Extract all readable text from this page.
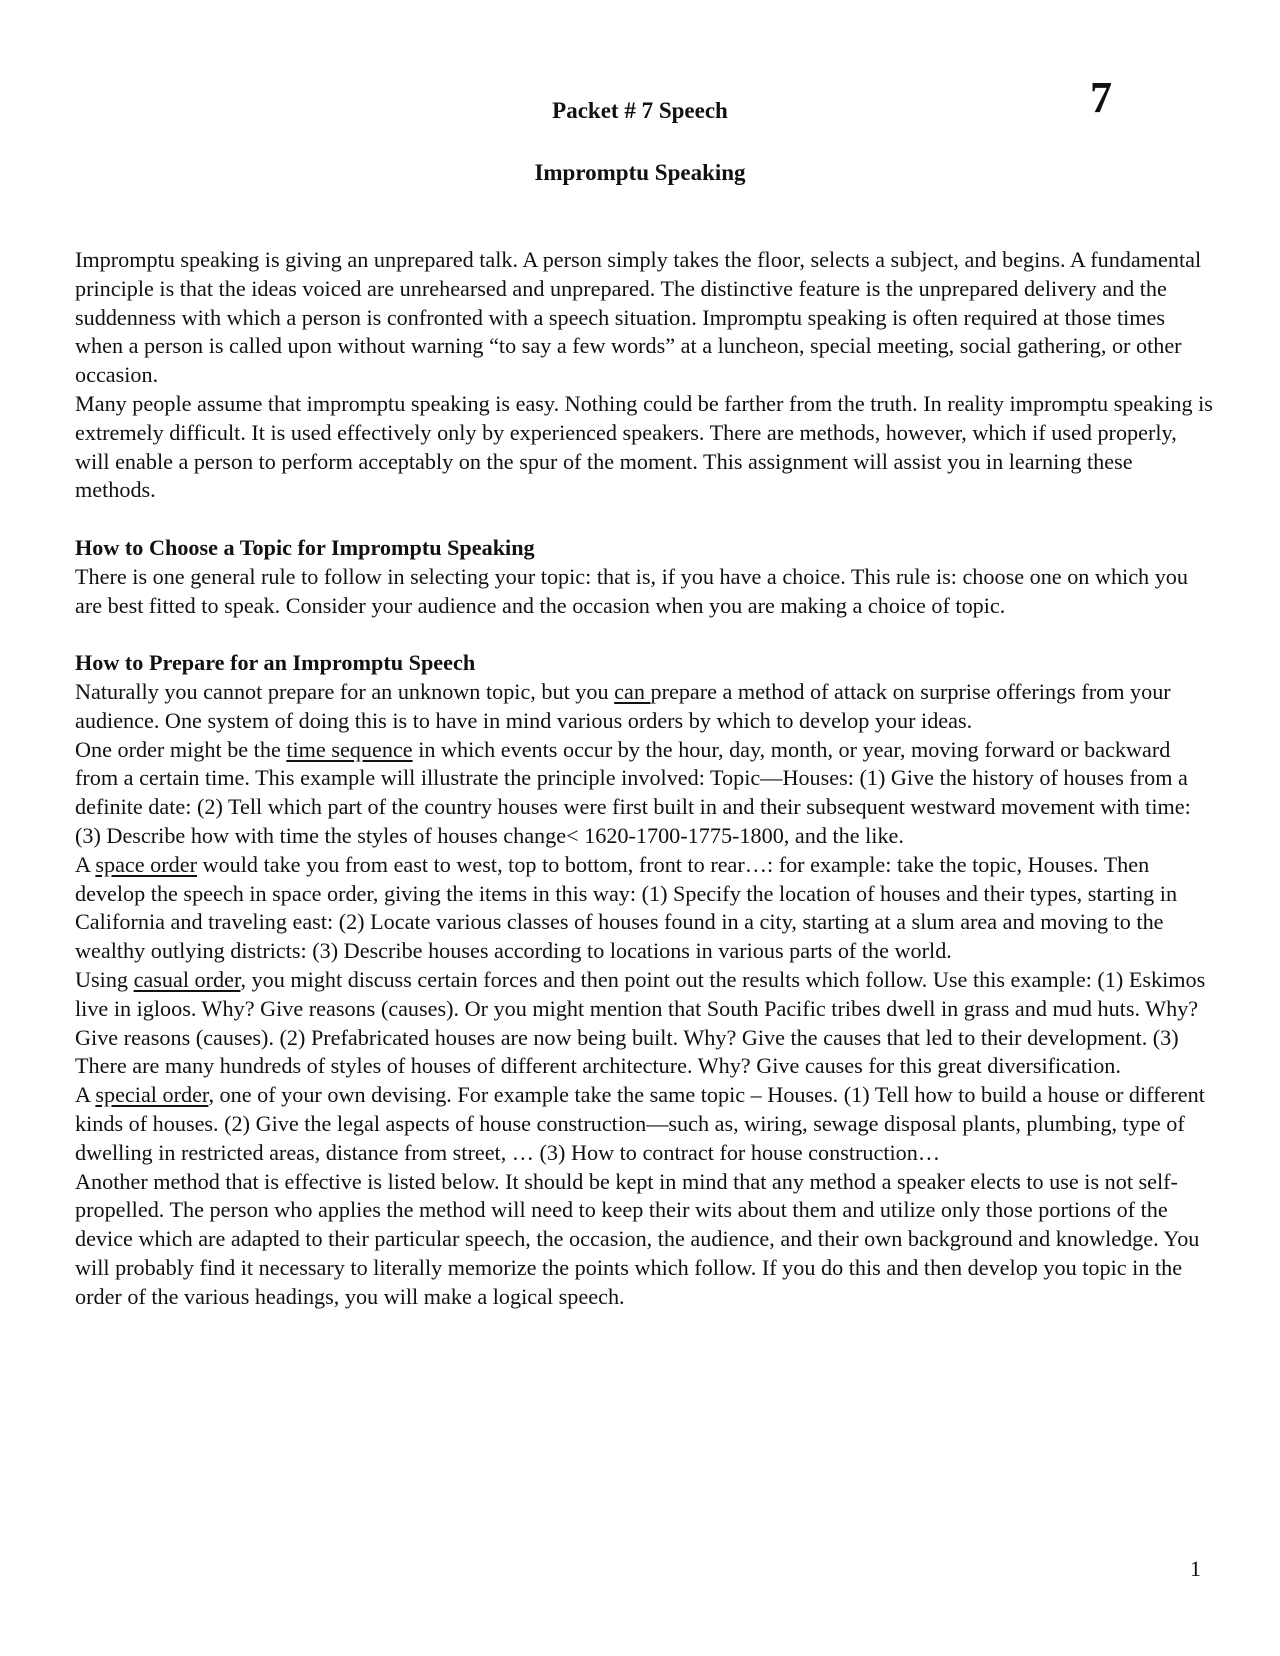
Packet # 7 Speech	7

Impromptu Speaking

Impromptu speaking is giving an unprepared talk. A person simply takes the floor, selects a subject, and begins. A fundamental principle is that the ideas voiced are unrehearsed and unprepared. The distinctive feature is the unprepared delivery and the suddenness with which a person is confronted with a speech situation. Impromptu speaking is often required at those times when a person is called upon without warning “to say a few words” at a luncheon, special meeting, social gathering, or other occasion.

Many people assume that impromptu speaking is easy. Nothing could be farther from the truth. In reality impromptu speaking is extremely difficult. It is used effectively only by experienced speakers. There are methods, however, which if used properly, will enable a person to perform acceptably on the spur of the moment. This assignment will assist you in learning these methods.

How to Choose a Topic for Impromptu Speaking

There is one general rule to follow in selecting your topic: that is, if you have a choice. This rule is: choose one on which you are best fitted to speak. Consider your audience and the occasion when you are making a choice of topic.

How to Prepare for an Impromptu Speech

Naturally you cannot prepare for an unknown topic, but you can prepare a method of attack on surprise offerings from your audience. One system of doing this is to have in mind various orders by which to develop your ideas.

One order might be the time sequence in which events occur by the hour, day, month, or year, moving forward or backward from a certain time. This example will illustrate the principle involved: Topic—Houses: (1) Give the history of houses from a definite date: (2) Tell which part of the country houses were first built in and their subsequent westward movement with time: (3) Describe how with time the styles of houses change< 1620-1700-1775-1800, and the like.

A space order would take you from east to west, top to bottom, front to rear…: for example: take the topic, Houses. Then develop the speech in space order, giving the items in this way: (1) Specify the location of houses and their types, starting in California and traveling east: (2) Locate various classes of houses found in a city, starting at a slum area and moving to the wealthy outlying districts: (3) Describe houses according to locations in various parts of the world.

Using casual order, you might discuss certain forces and then point out the results which follow. Use this example: (1) Eskimos live in igloos. Why? Give reasons (causes). Or you might mention that South Pacific tribes dwell in grass and mud huts. Why? Give reasons (causes). (2) Prefabricated houses are now being built. Why? Give the causes that led to their development. (3) There are many hundreds of styles of houses of different architecture. Why? Give causes for this great diversification.

A special order, one of your own devising. For example take the same topic – Houses. (1) Tell how to build a house or different kinds of houses. (2) Give the legal aspects of house construction—such as, wiring, sewage disposal plants, plumbing, type of dwelling in restricted areas, distance from street, … (3) How to contract for house construction…

Another method that is effective is listed below. It should be kept in mind that any method a speaker elects to use is not self-propelled. The person who applies the method will need to keep their wits about them and utilize only those portions of the device which are adapted to their particular speech, the occasion, the audience, and their own background and knowledge. You will probably find it necessary to literally memorize the points which follow. If you do this and then develop you topic in the order of the various headings, you will make a logical speech.

1
